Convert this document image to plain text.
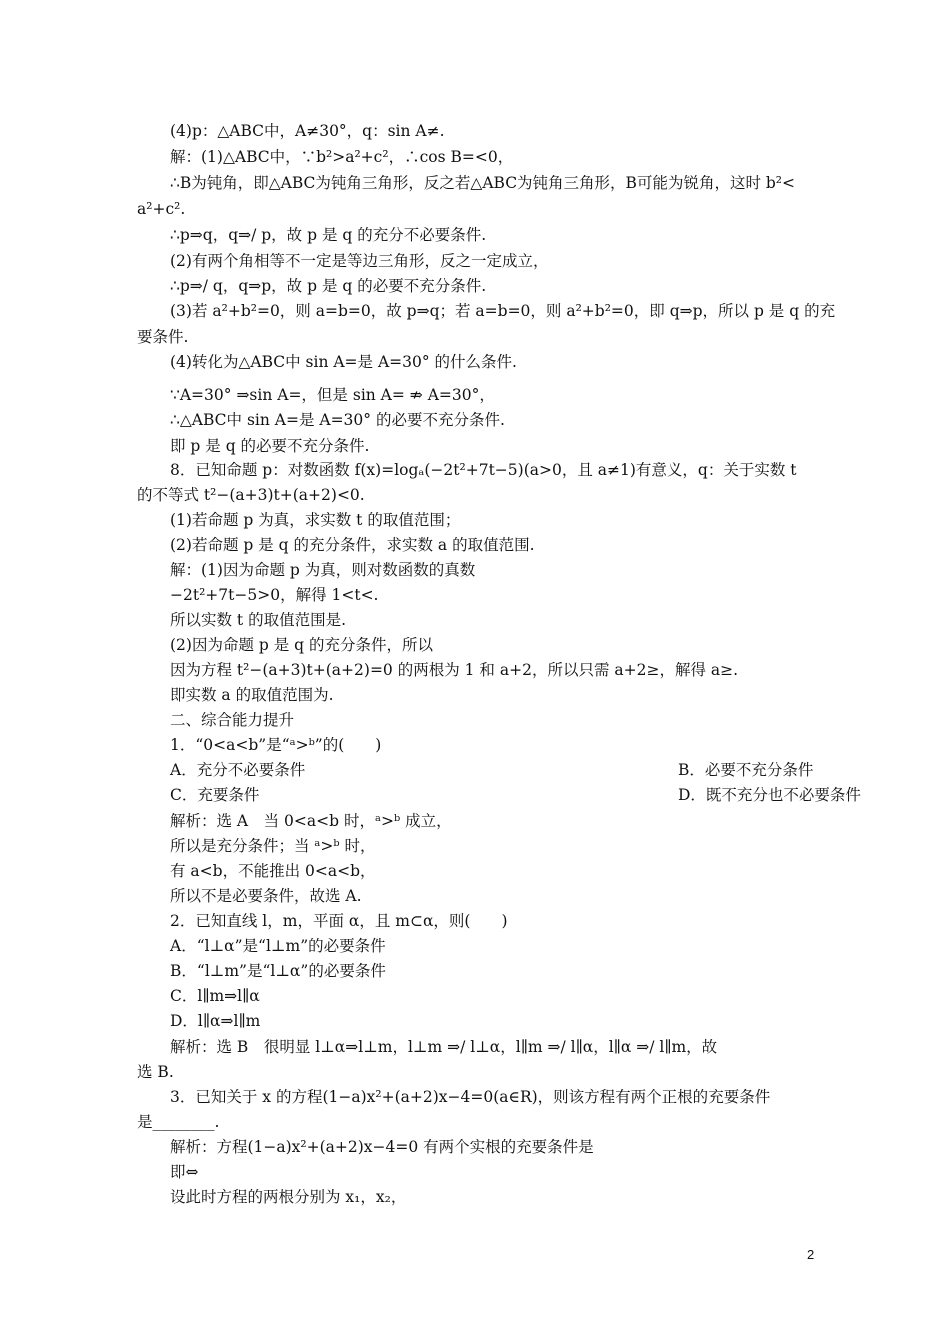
(4)p：△ABC中，A≠30°，q：sin A≠.
解：(1)△ABC中，∵b²>a²+c²，∴cos B=<0，
∴B为钝角，即△ABC为钝角三角形，反之若△ABC为钝角三角形，B可能为锐角，这时 b²<
a²+c².
∴p⇒q，q⇒/ p，故 p 是 q 的充分不必要条件.
(2)有两个角相等不一定是等边三角形，反之一定成立，
∴p⇒/ q，q⇒p，故 p 是 q 的必要不充分条件.
(3)若 a²+b²=0，则 a=b=0，故 p⇒q；若 a=b=0，则 a²+b²=0，即 q⇒p，所以 p 是 q 的充
要条件.
(4)转化为△ABC中 sin A=是 A=30° 的什么条件.
∵A=30° ⇒sin A=，但是 sin A= ⇏ A=30°，
∴△ABC中 sin A=是 A=30° 的必要不充分条件.
即 p 是 q 的必要不充分条件.
8．已知命题 p：对数函数 f(x)=logₐ(−2t²+7t−5)(a>0，且 a≠1)有意义，q：关于实数 t
的不等式 t²−(a+3)t+(a+2)<0.
(1)若命题 p 为真，求实数 t 的取值范围；
(2)若命题 p 是 q 的充分条件，求实数 a 的取值范围.
解：(1)因为命题 p 为真，则对数函数的真数
−2t²+7t−5>0，解得 1<t<.
所以实数 t 的取值范围是.
(2)因为命题 p 是 q 的充分条件，所以
因为方程 t²−(a+3)t+(a+2)=0 的两根为 1 和 a+2，所以只需 a+2≥，解得 a≥.
即实数 a 的取值范围为.
二、综合能力提升
1．“0<a<b”是“ᵃ>ᵇ”的(　　)
A．充分不必要条件	B．必要不充分条件
C．充要条件	D．既不充分也不必要条件
解析：选 A　当 0<a<b 时，ᵃ>ᵇ 成立，
所以是充分条件；当 ᵃ>ᵇ 时，
有 a<b，不能推出 0<a<b，
所以不是必要条件，故选 A.
2．已知直线 l，m，平面 α，且 m⊂α，则(　　)
A．“l⊥α”是“l⊥m”的必要条件
B．“l⊥m”是“l⊥α”的必要条件
C．l∥m⇒l∥α
D．l∥α⇒l∥m
解析：选 B　很明显 l⊥α⇒l⊥m，l⊥m ⇒/ l⊥α，l∥m ⇒/ l∥α，l∥α ⇒/ l∥m，故
选 B.
3．已知关于 x 的方程(1−a)x²+(a+2)x−4=0(a∈R)，则该方程有两个正根的充要条件
是________.
解析：方程(1−a)x²+(a+2)x−4=0 有两个实根的充要条件是
即⇔
设此时方程的两根分别为 x₁，x₂，
2
